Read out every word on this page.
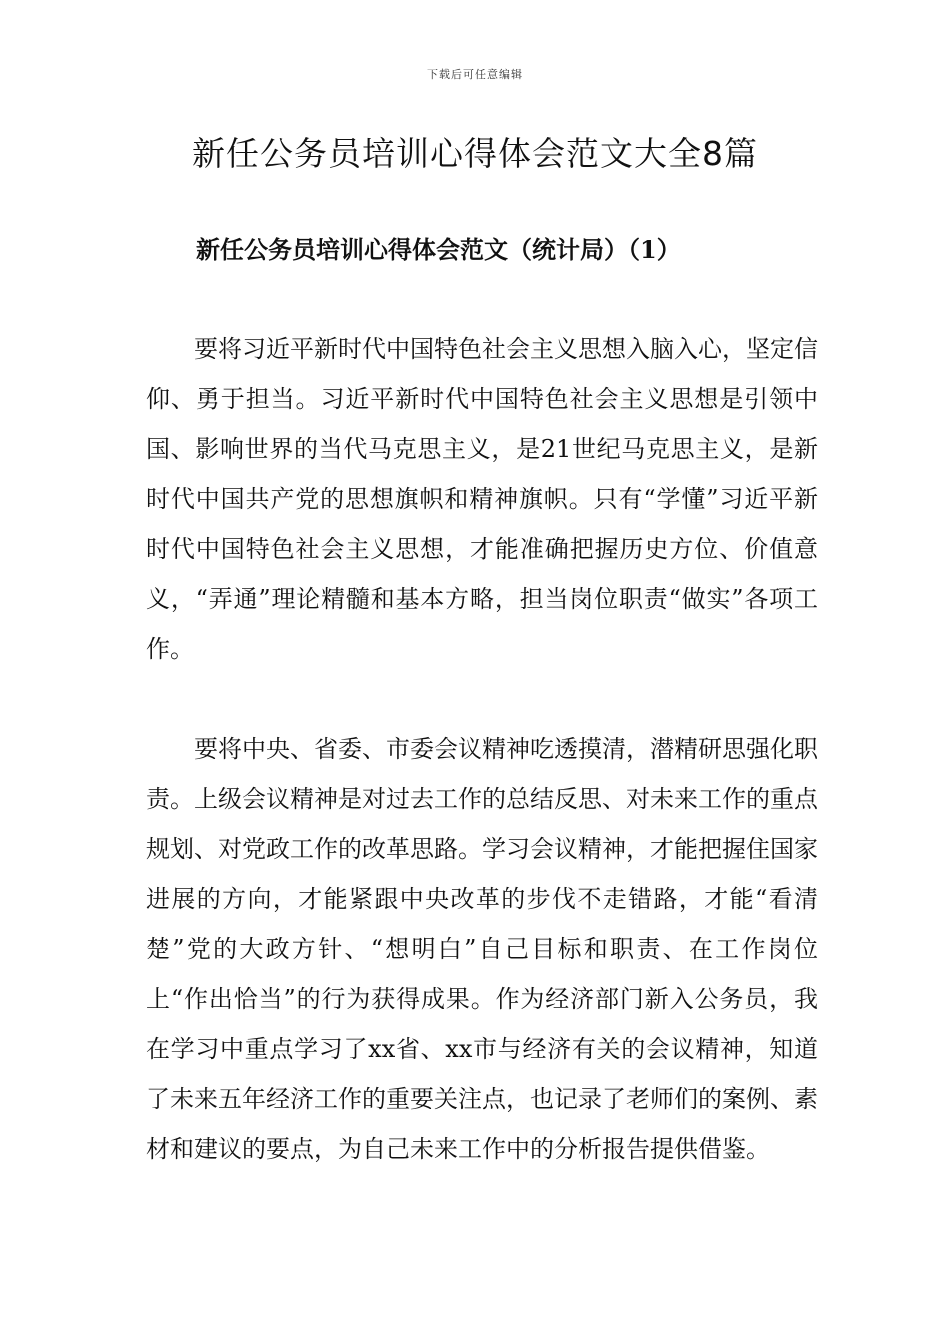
下载后可任意编辑
新任公务员培训心得体会范文大全8篇
新任公务员培训心得体会范文（统计局）（1）

要将习近平新时代中国特色社会主义思想入脑入心，坚定信仰、勇于担当。习近平新时代中国特色社会主义思想是引领中国、影响世界的当代马克思主义，是21世纪马克思主义，是新时代中国共产党的思想旗帜和精神旗帜。只有“学懂”习近平新时代中国特色社会主义思想，才能准确把握历史方位、价值意义，“弄通”理论精髓和基本方略，担当岗位职责“做实”各项工作。

要将中央、省委、市委会议精神吃透摸清，潜精研思强化职责。上级会议精神是对过去工作的总结反思、对未来工作的重点规划、对党政工作的改革思路。学习会议精神，才能把握住国家进展的方向，才能紧跟中央改革的步伐不走错路，才能“看清楚”党的大政方针、“想明白”自己目标和职责、在工作岗位上“作出恰当”的行为获得成果。作为经济部门新入公务员，我在学习中重点学习了xx省、xx市与经济有关的会议精神，知道了未来五年经济工作的重要关注点，也记录了老师们的案例、素材和建议的要点，为自己未来工作中的分析报告提供借鉴。
